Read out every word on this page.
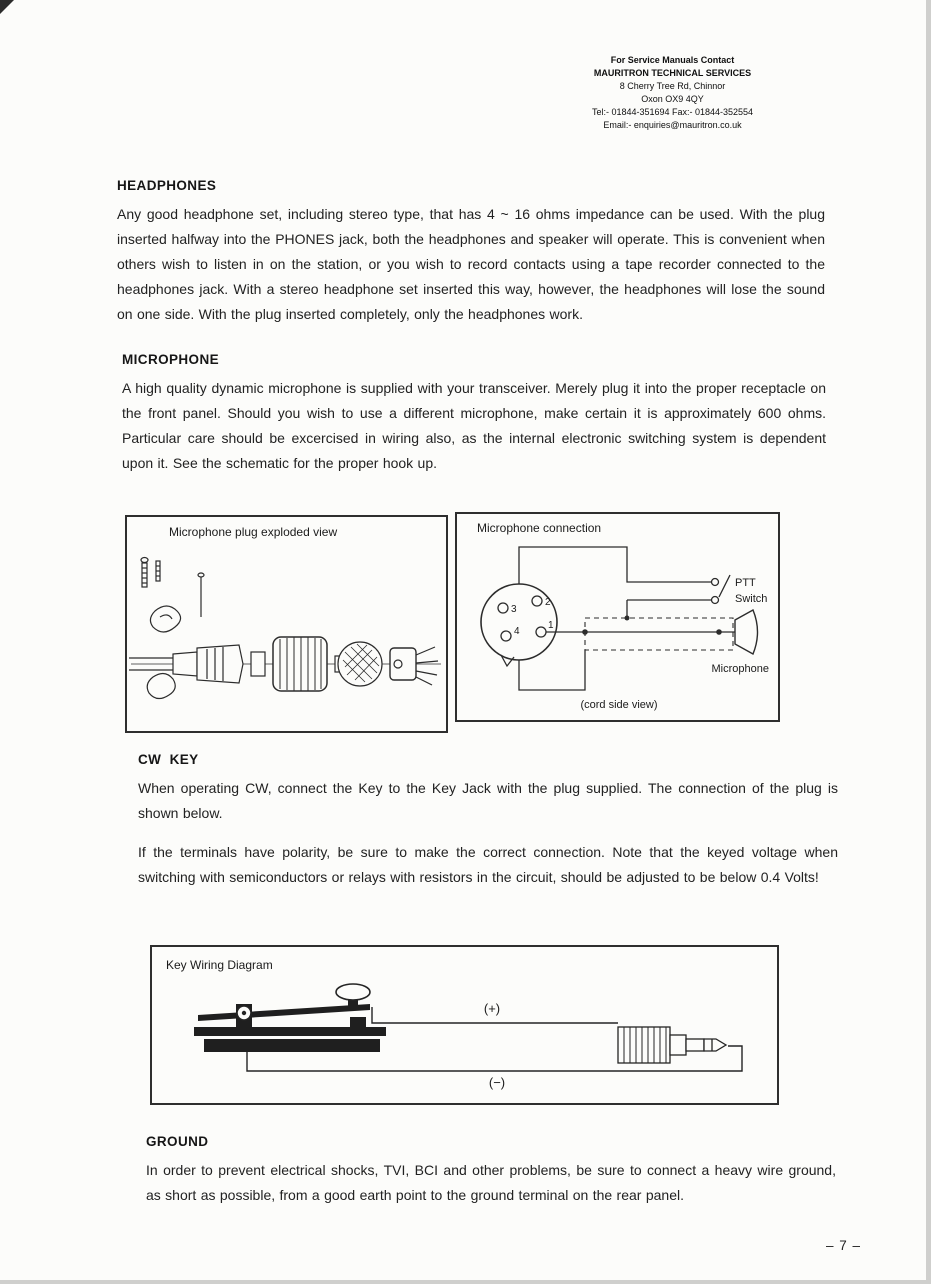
For Service Manuals Contact
MAURITRON TECHNICAL SERVICES
8 Cherry Tree Rd, Chinnor
Oxon OX9 4QY
Tel:- 01844-351694 Fax:- 01844-352554
Email:- enquiries@mauritron.co.uk
HEADPHONES

Any good headphone set, including stereo type, that has 4 ~ 16 ohms impedance can be used. With the plug inserted halfway into the PHONES jack, both the headphones and speaker will operate. This is convenient when others wish to listen in on the station, or you wish to record contacts using a tape recorder connected to the headphones jack. With a stereo headphone set inserted this way, however, the headphones will lose the sound on one side. With the plug inserted completely, only the headphones work.

MICROPHONE

A high quality dynamic microphone is supplied with your transceiver. Merely plug it into the proper receptacle on the front panel. Should you wish to use a different microphone, make certain it is approximately 600 ohms. Particular care should be excercised in wiring also, as the internal electronic switching system is dependent upon it. See the schematic for the proper hook up.

Microphone plug exploded view	Microphone connection
3
2
4
1
PTT
Switch
Microphone
(cord side view)
CW  KEY

When operating CW, connect the Key to the Key Jack with the plug supplied. The connection of the plug is shown below.

If the terminals have polarity, be sure to make the correct connection. Note that the keyed voltage when switching with semiconductors or relays with resistors in the circuit, should be adjusted to be below 0.4 Volts!

Key Wiring Diagram
(+)
(−)
GROUND

In order to prevent electrical shocks, TVI, BCI and other problems, be sure to connect a heavy wire ground, as short as possible, from a good earth point to the ground terminal on the rear panel.

– 7 –
